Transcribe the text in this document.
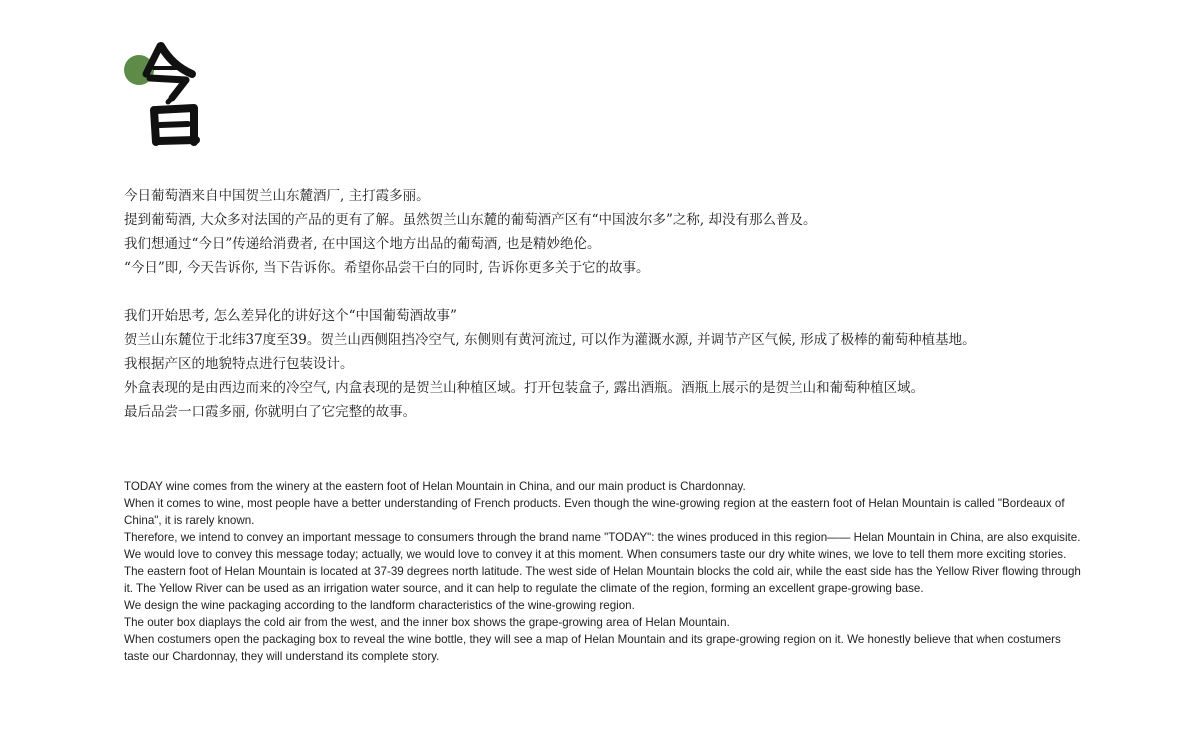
今日葡萄酒来自中国贺兰山东麓酒厂, 主打霞多丽。

提到葡萄酒, 大众多对法国的产品的更有了解。虽然贺兰山东麓的葡萄酒产区有“中国波尔多”之称, 却没有那么普及。

我们想通过“今日”传递给消费者, 在中国这个地方出品的葡萄酒, 也是精妙绝伦。

“今日”即, 今天告诉你, 当下告诉你。希望你品尝干白的同时, 告诉你更多关于它的故事。

我们开始思考, 怎么差异化的讲好这个“中国葡萄酒故事”

贺兰山东麓位于北纬37度至39。贺兰山西侧阻挡冷空气, 东侧则有黄河流过, 可以作为灌溉水源, 并调节产区气候, 形成了极棒的葡萄种植基地。

我根据产区的地貌特点进行包装设计。

外盒表现的是由西边而来的冷空气, 内盒表现的是贺兰山种植区域。打开包装盒子, 露出酒瓶。酒瓶上展示的是贺兰山和葡萄种植区域。

最后品尝一口霞多丽, 你就明白了它完整的故事。

TODAY wine comes from the winery at the eastern foot of Helan Mountain in China, and our main product is Chardonnay.

When it comes to wine, most people have a better understanding of French products. Even though the wine-growing region at the eastern foot of Helan Mountain is called "Bordeaux of China", it is rarely known.

Therefore, we intend to convey an important message to consumers through the brand name "TODAY": the wines produced in this region—— Helan Mountain in China, are also exquisite.

We would love to convey this message today; actually, we would love to convey it at this moment. When consumers taste our dry white wines, we love to tell them more exciting stories.

The eastern foot of Helan Mountain is located at 37-39 degrees north latitude. The west side of Helan Mountain blocks the cold air, while the east side has the Yellow River flowing through it. The Yellow River can be used as an irrigation water source, and it can help to regulate the climate of the region, forming an excellent grape-growing base.

We design the wine packaging according to the landform characteristics of the wine-growing region.

The outer box diaplays the cold air from the west, and the inner box shows the grape-growing area of Helan Mountain.

When costumers open the packaging box to reveal the wine bottle, they will see a map of Helan Mountain and its grape-growing region on it. We honestly believe that when costumers taste our Chardonnay, they will understand its complete story.
